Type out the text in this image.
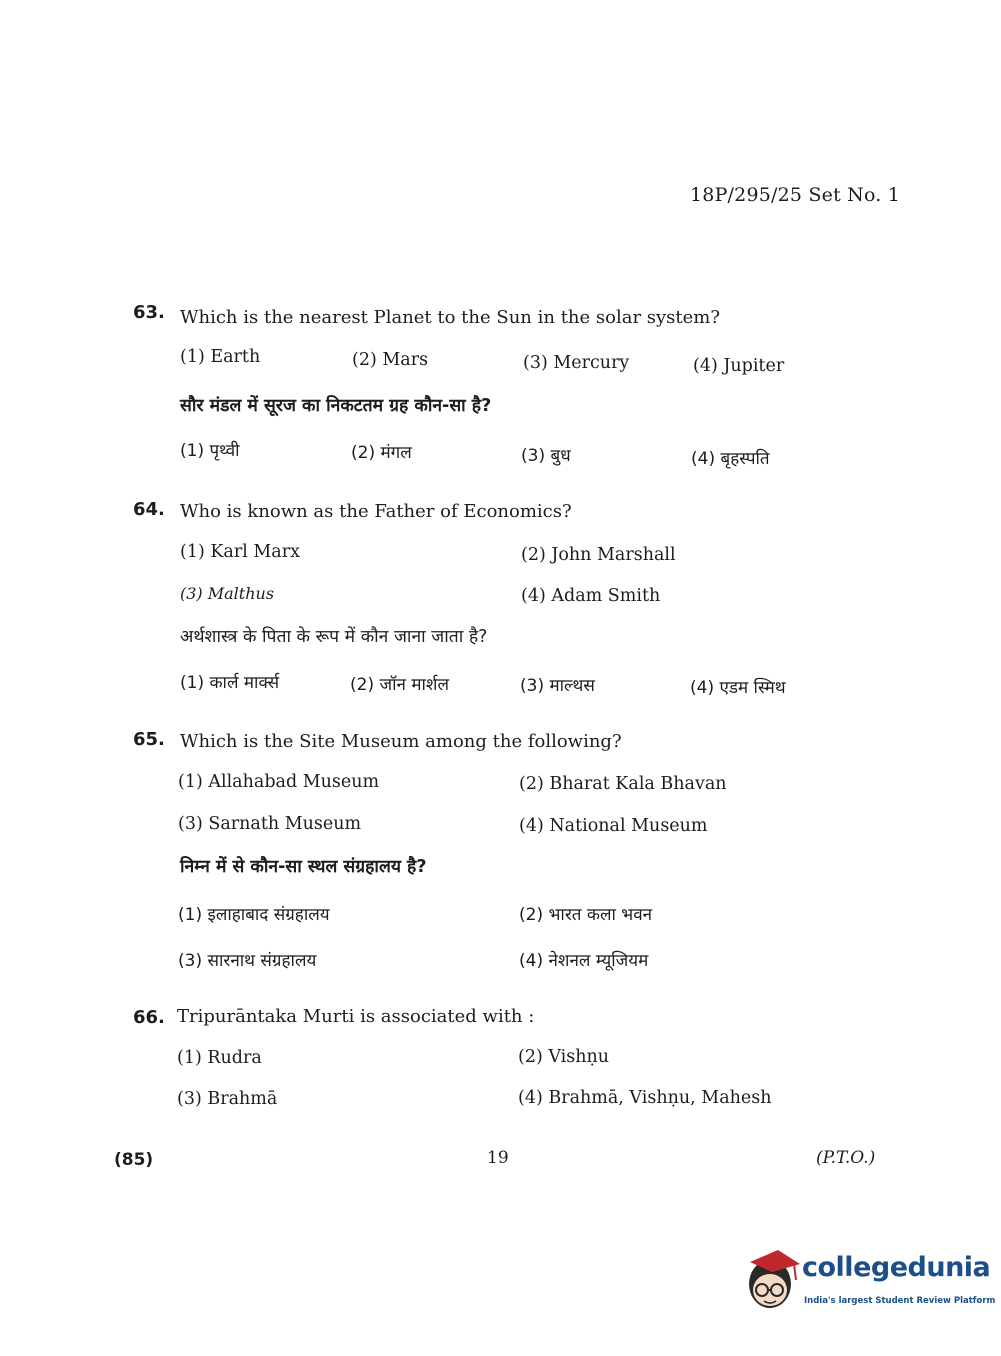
18P/295/25 Set No. 1
63. Which is the nearest Planet to the Sun in the solar system?
(1) Earth	(2) Mars	(3) Mercury	(4) Jupiter
सौर मंडल में सूरज का निकटतम ग्रह कौन-सा है?
(1) पृथ्वी	(2) मंगल	(3) बुध	(4) बृहस्पति
64. Who is known as the Father of Economics?
(1) Karl Marx	(2) John Marshall
(3) Malthus	(4) Adam Smith
अर्थशास्त्र के पिता के रूप में कौन जाना जाता है?
(1) कार्ल मार्क्स	(2) जॉन मार्शल	(3) माल्थस	(4) एडम स्मिथ
65. Which is the Site Museum among the following?
(1) Allahabad Museum	(2) Bharat Kala Bhavan
(3) Sarnath Museum	(4) National Museum
निम्न में से कौन-सा स्थल संग्रहालय है?
(1) इलाहाबाद संग्रहालय	(2) भारत कला भवन
(3) सारनाथ संग्रहालय	(4) नेशनल म्यूजियम
66. Tripurāntaka Murti is associated with :
(1) Rudra	(2) Vishṇu
(3) Brahmā	(4) Brahmā, Vishṇu, Mahesh
(85)	19	(P.T.O.)
collegedunia
India's largest Student Review Platform
